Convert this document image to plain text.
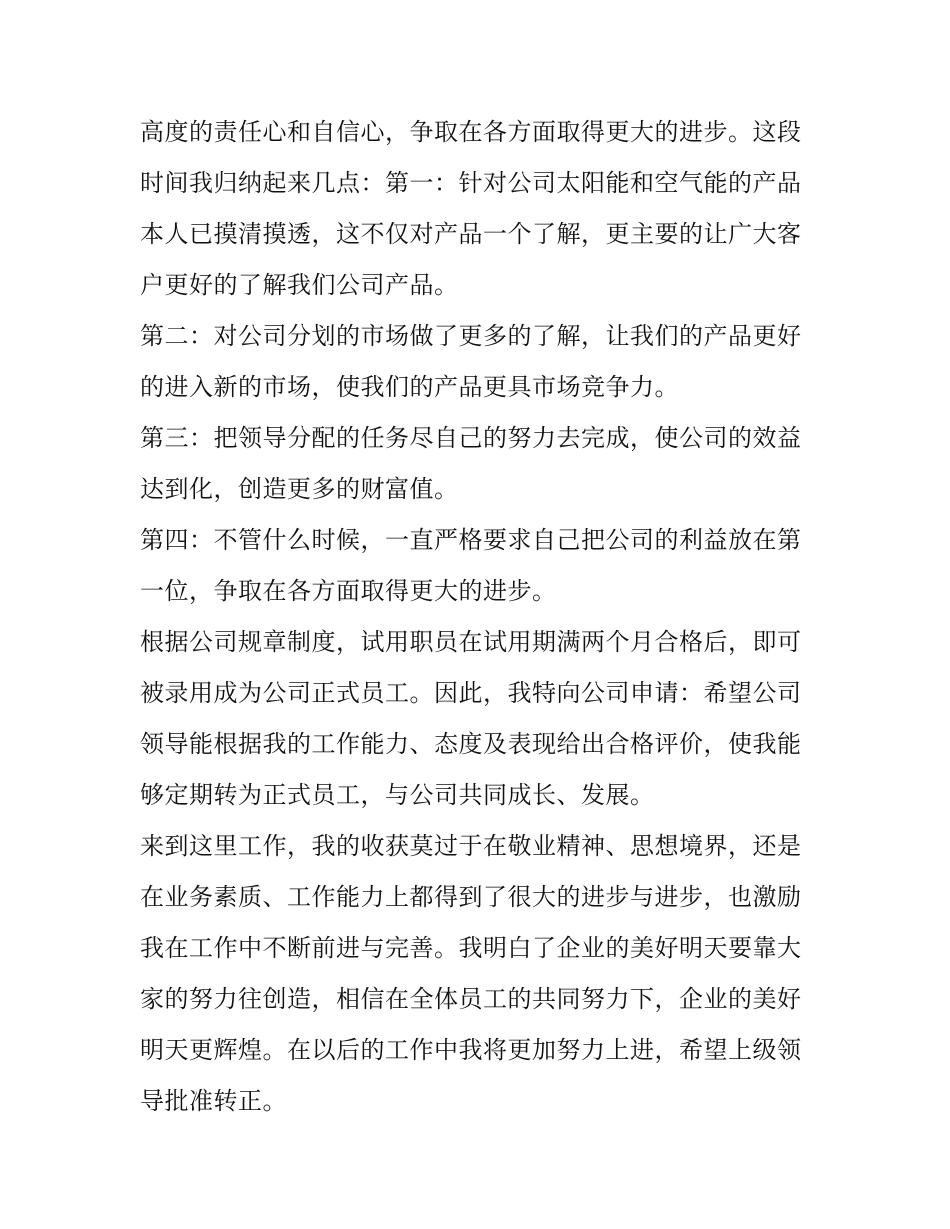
高度的责任心和自信心，争取在各方面取得更大的进步。这段
时间我归纳起来几点：第一：针对公司太阳能和空气能的产品
本人已摸清摸透，这不仅对产品一个了解，更主要的让广大客
户更好的了解我们公司产品。
第二：对公司分划的市场做了更多的了解，让我们的产品更好
的进入新的市场，使我们的产品更具市场竞争力。
第三：把领导分配的任务尽自己的努力去完成，使公司的效益
达到化，创造更多的财富值。
第四：不管什么时候，一直严格要求自己把公司的利益放在第
一位，争取在各方面取得更大的进步。
根据公司规章制度，试用职员在试用期满两个月合格后，即可
被录用成为公司正式员工。因此，我特向公司申请：希望公司
领导能根据我的工作能力、态度及表现给出合格评价，使我能
够定期转为正式员工，与公司共同成长、发展。
来到这里工作，我的收获莫过于在敬业精神、思想境界，还是
在业务素质、工作能力上都得到了很大的进步与进步，也激励
我在工作中不断前进与完善。我明白了企业的美好明天要靠大
家的努力往创造，相信在全体员工的共同努力下，企业的美好
明天更辉煌。在以后的工作中我将更加努力上进，希望上级领
导批准转正。
